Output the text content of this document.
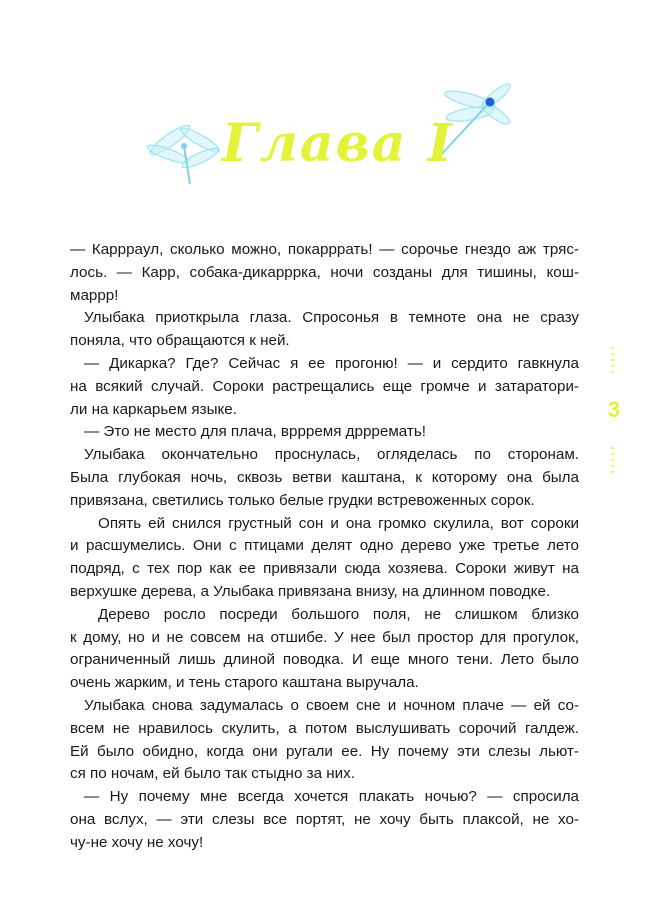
Глава I

— Карррaул, сколько можно, покарррать! — сорочье гнездо аж тряс-

лось. — Карр, собака-дикарррка, ночи созданы для тишины, кош-

маррр!

Улыбака приоткрыла глаза. Спросонья в темноте она не сразу

поняла, что обращаются к ней.

— Дикарка? Где? Сейчас я ее прогоню! — и сердито гавкнула

на всякий случай. Сороки растрещались еще громче и затаратори-

ли на каркарьем языке.

— Это не место для плача, вррремя дррремать!

Улыбака окончательно проснулась, огляделась по сторонам.

Была глубокая ночь, сквозь ветви каштана, к которому она была

привязана, светились только белые грудки встревоженных сорок.

Опять ей снился грустный сон и она громко скулила, вот сороки

и расшумелись. Они с птицами делят одно дерево уже третье лето

подряд, с тех пор как ее привязали сюда хозяева. Сороки живут на

верхушке дерева, а Улыбака привязана внизу, на длинном поводке.

Дерево росло посреди большого поля, не слишком близко

к дому, но и не совсем на отшибе. У нее был простор для прогулок,

ограниченный лишь длиной поводка. И еще много тени. Лето было

очень жарким, и тень старого каштана выручала.

Улыбака снова задумалась о своем сне и ночном плаче — ей со-

всем не нравилось скулить, а потом выслушивать сорочий галдеж.

Ей было обидно, когда они ругали ее. Ну почему эти слезы льют-

ся по ночам, ей было так стыдно за них.

— Ну почему мне всегда хочется плакать ночью? — спросила

она вслух, — эти слезы все портят, не хочу быть плаксой, не хо-

чу-не хочу не хочу!

3
